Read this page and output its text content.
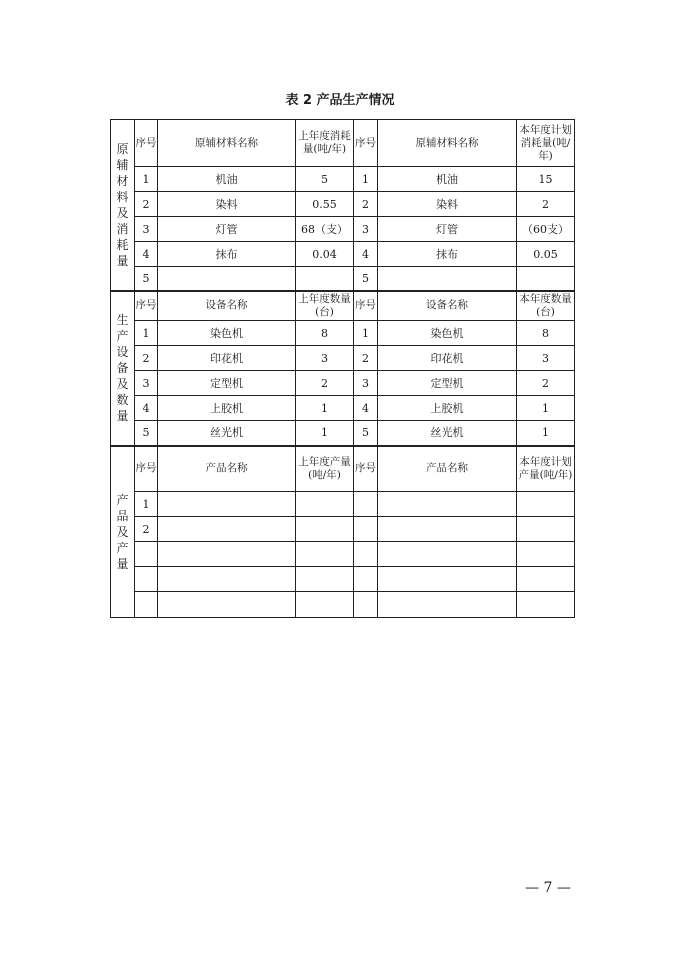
表 2 产品生产情况
原辅材料及消耗量	序号	原辅材料名称	上年度消耗量(吨/年)	序号	原辅材料名称	本年度计划消耗量(吨/年)
	1	机油	5	1	机油	15
	2	染料	0.55	2	染料	2
	3	灯管	68（支）	3	灯管	（60支）
	4	抹布	0.04	4	抹布	0.05
	5			5		
生产设备及数量	序号	设备名称	上年度数量(台)	序号	设备名称	本年度数量(台)
	1	染色机	8	1	染色机	8
	2	印花机	3	2	印花机	3
	3	定型机	2	3	定型机	2
	4	上胶机	1	4	上胶机	1
	5	丝光机	1	5	丝光机	1
产品及产量	序号	产品名称	上年度产量(吨/年)	序号	产品名称	本年度计划产量(吨/年)
	1					
	2					

— 7 —
